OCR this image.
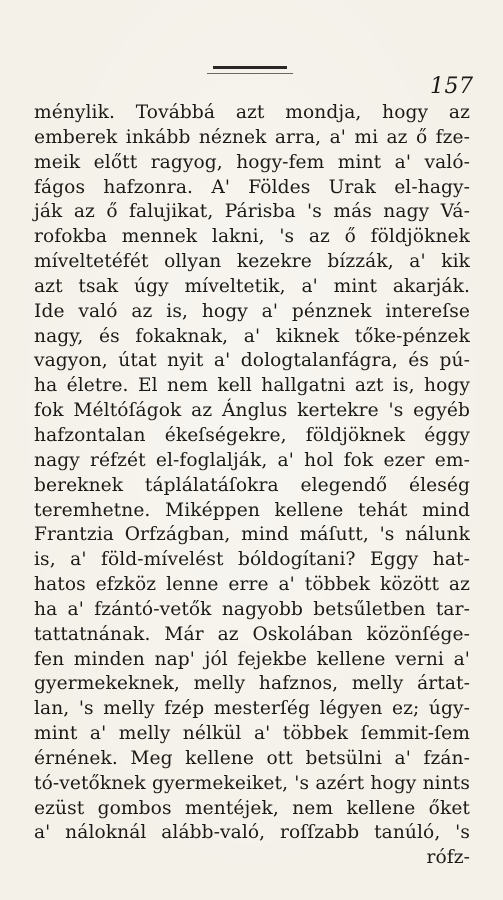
157
ménylik. Továbbá azt mondja, hogy az
emberek inkább néznek arra, a' mi az ő fze-
meik előtt ragyog, hogy-fem mint a' való-
fágos hafzonra. A' Földes Urak el-hagy-
ják az ő falujikat, Párisba 's más nagy Vá-
rofokba mennek lakni, 's az ő földjöknek
míveltetéfét ollyan kezekre bízzák, a' kik
azt tsak úgy míveltetik, a' mint akarják.
Ide való az is, hogy a' pénznek intereſse
nagy, és fokaknak, a' kiknek tőke-pénzek
vagyon, útat nyit a' dologtalanfágra, és pú-
ha életre. El nem kell hallgatni azt is, hogy
fok Méltóſágok az Ánglus kertekre 's egyéb
hafzontalan ékeſségekre, földjöknek éggy
nagy réfzét el-foglalják, a' hol fok ezer em-
bereknek táplálatáſokra elegendő éleség
teremhetne. Miképpen kellene tehát mind
Frantzia Orfzágban, mind máſutt, 's nálunk
is, a' föld-mívelést bóldogítani? Eggy hat-
hatos efzköz lenne erre a' többek között az
ha a' fzántó-vetők nagyobb betsűletben tar-
tattatnának. Már az Oskolában közönſége-
fen minden nap' jól fejekbe kellene verni a'
gyermekeknek, melly hafznos, melly ártat-
lan, 's melly fzép mesterſég légyen ez; úgy-
mint a' melly nélkül a' többek ſemmit-ſem
érnének. Meg kellene ott betsülni a' fzán-
tó-vetőknek gyermekeiket, 's azért hogy nints
ezüst gombos mentéjek, nem kellene őket
a' náloknál alább-való, roſſzabb tanúló, 's
rófz-
